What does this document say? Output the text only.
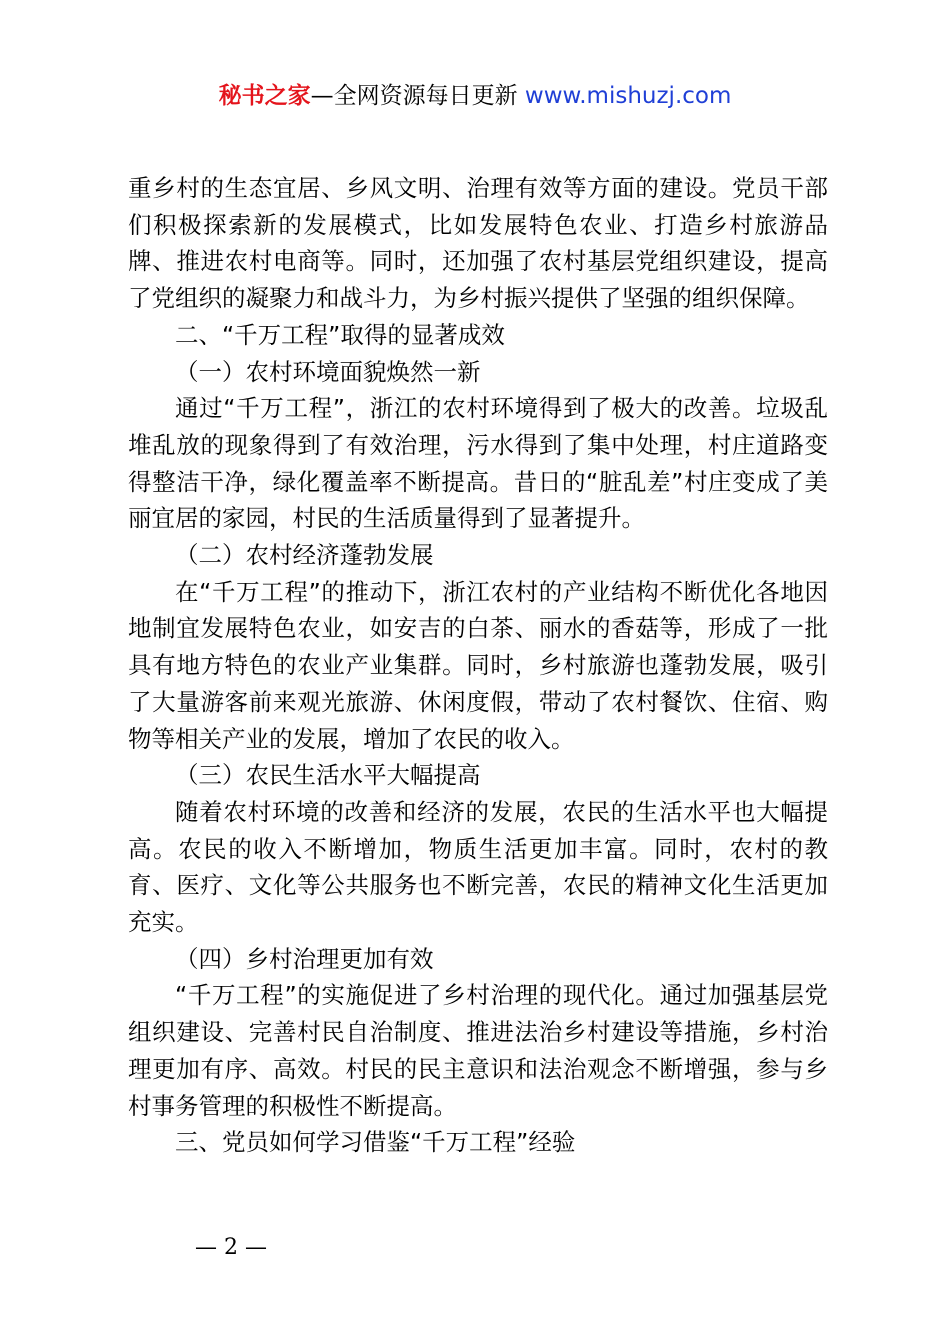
秘书之家—全网资源每日更新 www.mishuzj.com

重乡村的生态宜居、乡风文明、治理有效等方面的建设。党员干部们积极探索新的发展模式，比如发展特色农业、打造乡村旅游品牌、推进农村电商等。同时，还加强了农村基层党组织建设，提高了党组织的凝聚力和战斗力，为乡村振兴提供了坚强的组织保障。

二、“千万工程”取得的显著成效

（一）农村环境面貌焕然一新

通过“千万工程”，浙江的农村环境得到了极大的改善。垃圾乱堆乱放的现象得到了有效治理，污水得到了集中处理，村庄道路变得整洁干净，绿化覆盖率不断提高。昔日的“脏乱差”村庄变成了美丽宜居的家园，村民的生活质量得到了显著提升。

（二）农村经济蓬勃发展

在“千万工程”的推动下，浙江农村的产业结构不断优化各地因地制宜发展特色农业，如安吉的白茶、丽水的香菇等，形成了一批具有地方特色的农业产业集群。同时，乡村旅游也蓬勃发展，吸引了大量游客前来观光旅游、休闲度假，带动了农村餐饮、住宿、购物等相关产业的发展，增加了农民的收入。

（三）农民生活水平大幅提高

随着农村环境的改善和经济的发展，农民的生活水平也大幅提高。农民的收入不断增加，物质生活更加丰富。同时，农村的教育、医疗、文化等公共服务也不断完善，农民的精神文化生活更加充实。

（四）乡村治理更加有效

“千万工程”的实施促进了乡村治理的现代化。通过加强基层党组织建设、完善村民自治制度、推进法治乡村建设等措施，乡村治理更加有序、高效。村民的民主意识和法治观念不断增强，参与乡村事务管理的积极性不断提高。

三、党员如何学习借鉴“千万工程”经验

— 2 —
